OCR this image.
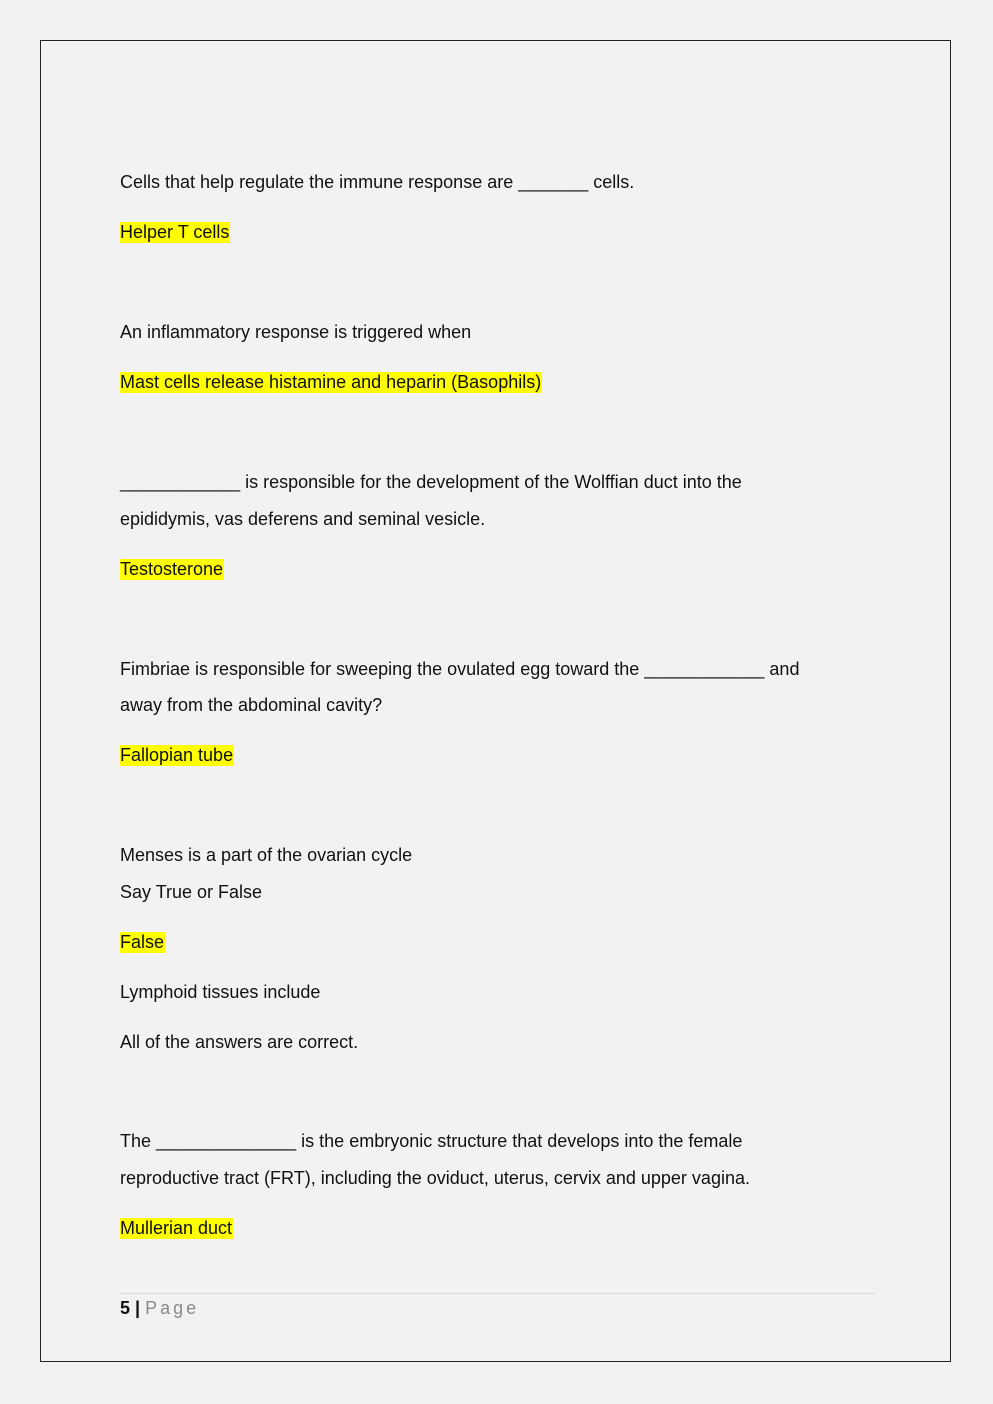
Cells that help regulate the immune response are _______ cells.
Helper T cells
An inflammatory response is triggered when
Mast cells release histamine and heparin (Basophils)
____________ is responsible for the development of the Wolffian duct into the
epididymis, vas deferens and seminal vesicle.
Testosterone
Fimbriae is responsible for sweeping the ovulated egg toward the ____________ and
away from the abdominal cavity?
Fallopian tube
Menses is a part of the ovarian cycle
Say True or False
False
Lymphoid tissues include
All of the answers are correct.
The ______________ is the embryonic structure that develops into the female
reproductive tract (FRT), including the oviduct, uterus, cervix and upper vagina.
Mullerian duct
5 | Page
